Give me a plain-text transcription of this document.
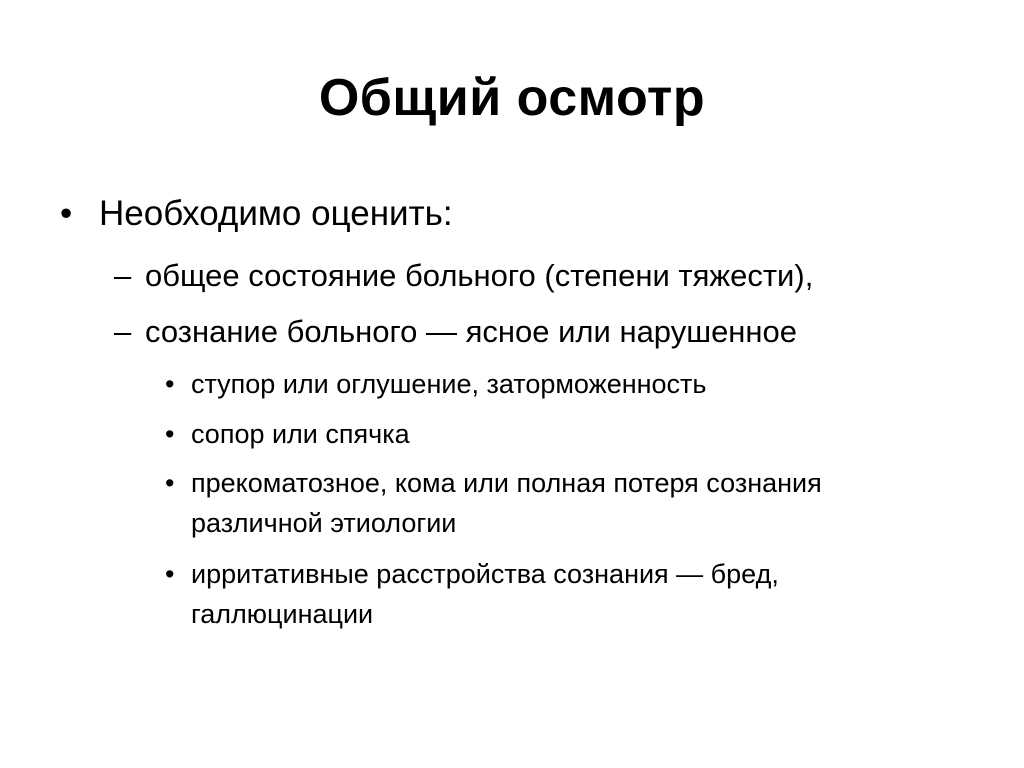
Общий осмотр
• Необходимо оценить:
– общее состояние больного (степени тяжести),
– сознание больного — ясное или нарушенное
• ступор или оглушение, заторможенность
• сопор или спячка
• прекоматозное, кома или полная потеря сознания
различной этиологии
• ирритативные расстройства сознания — бред,
галлюцинации
